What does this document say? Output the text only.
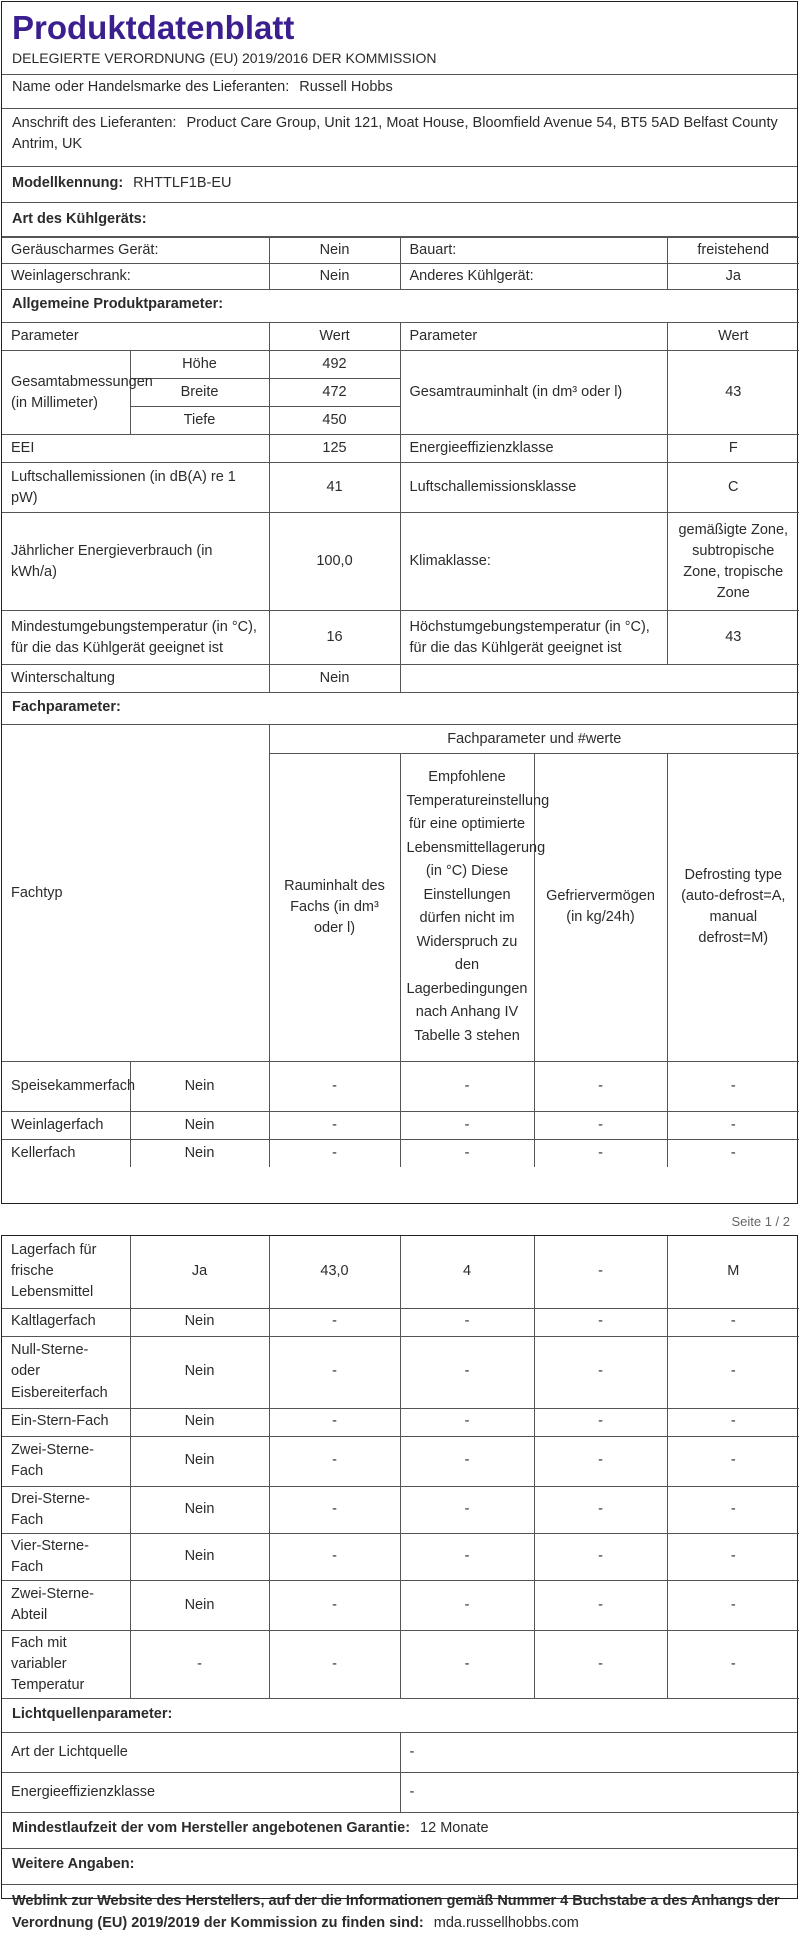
Produktdatenblatt
DELEGIERTE VERORDNUNG (EU) 2019/2016 DER KOMMISSION
Name oder Handelsmarke des Lieferanten: Russell Hobbs
Anschrift des Lieferanten: Product Care Group, Unit 121, Moat House, Bloomfield Avenue 54, BT5 5AD Belfast County Antrim, UK
Modellkennung: RHTTLF1B-EU
Art des Kühlgeräts:
Geräuscharmes Gerät:	Nein	Bauart:	freistehend
Weinlagerschrank:	Nein	Anderes Kühlgerät:	Ja
Allgemeine Produktparameter:
Parameter		Wert	Parameter	Wert
Gesamtabmessungen (in Millimeter)	Höhe	492	Gesamtrauminhalt (in dm³ oder l)	43
	Breite	472		
	Tiefe	450		
EEI		125	Energieeffizienzklasse	F
Luftschallemissionen (in dB(A) re 1 pW)		41	Luftschallemissionsklasse	C
Jährlicher Energieverbrauch (in kWh/a)		100,0	Klimaklasse:	gemäßigte Zone, subtropische Zone, tropische Zone
Mindestumgebungstemperatur (in °C), für die das Kühlgerät geeignet ist		16	Höchstumgebungstemperatur (in °C), für die das Kühlgerät geeignet ist	43
Winterschaltung		Nein		
Fachparameter:
Fachtyp		Fachparameter und #werte			
		Rauminhalt des Fachs (in dm³ oder l)	Empfohlene Temperatureinstellung für eine optimierte Lebensmittellagerung (in °C) Diese Einstellungen dürfen nicht im Widerspruch zu den Lagerbedingungen nach Anhang IV Tabelle 3 stehen	Gefriervermögen (in kg/24h)	Defrosting type (auto-defrost=A, manual defrost=M)
Speisekammerfach	Nein	-	-	-	-
Weinlagerfach	Nein	-	-	-	-
Kellerfach	Nein	-	-	-	-
Seite 1 / 2
Lagerfach für frische Lebensmittel	Ja	43,0	4	-	M
Kaltlagerfach	Nein	-	-	-	-
Null-Sterne- oder Eisbereiterfach	Nein	-	-	-	-
Ein-Stern-Fach	Nein	-	-	-	-
Zwei-Sterne-Fach	Nein	-	-	-	-
Drei-Sterne-Fach	Nein	-	-	-	-
Vier-Sterne-Fach	Nein	-	-	-	-
Zwei-Sterne-Abteil	Nein	-	-	-	-
Fach mit variabler Temperatur	-	-	-	-	-
Lichtquellenparameter:
Art der Lichtquelle	-
Energieeffizienzklasse	-
Mindestlaufzeit der vom Hersteller angebotenen Garantie: 12 Monate
Weitere Angaben:
Weblink zur Website des Herstellers, auf der die Informationen gemäß Nummer 4 Buchstabe a des Anhangs der Verordnung (EU) 2019/2019 der Kommission zu finden sind: mda.russellhobbs.com
